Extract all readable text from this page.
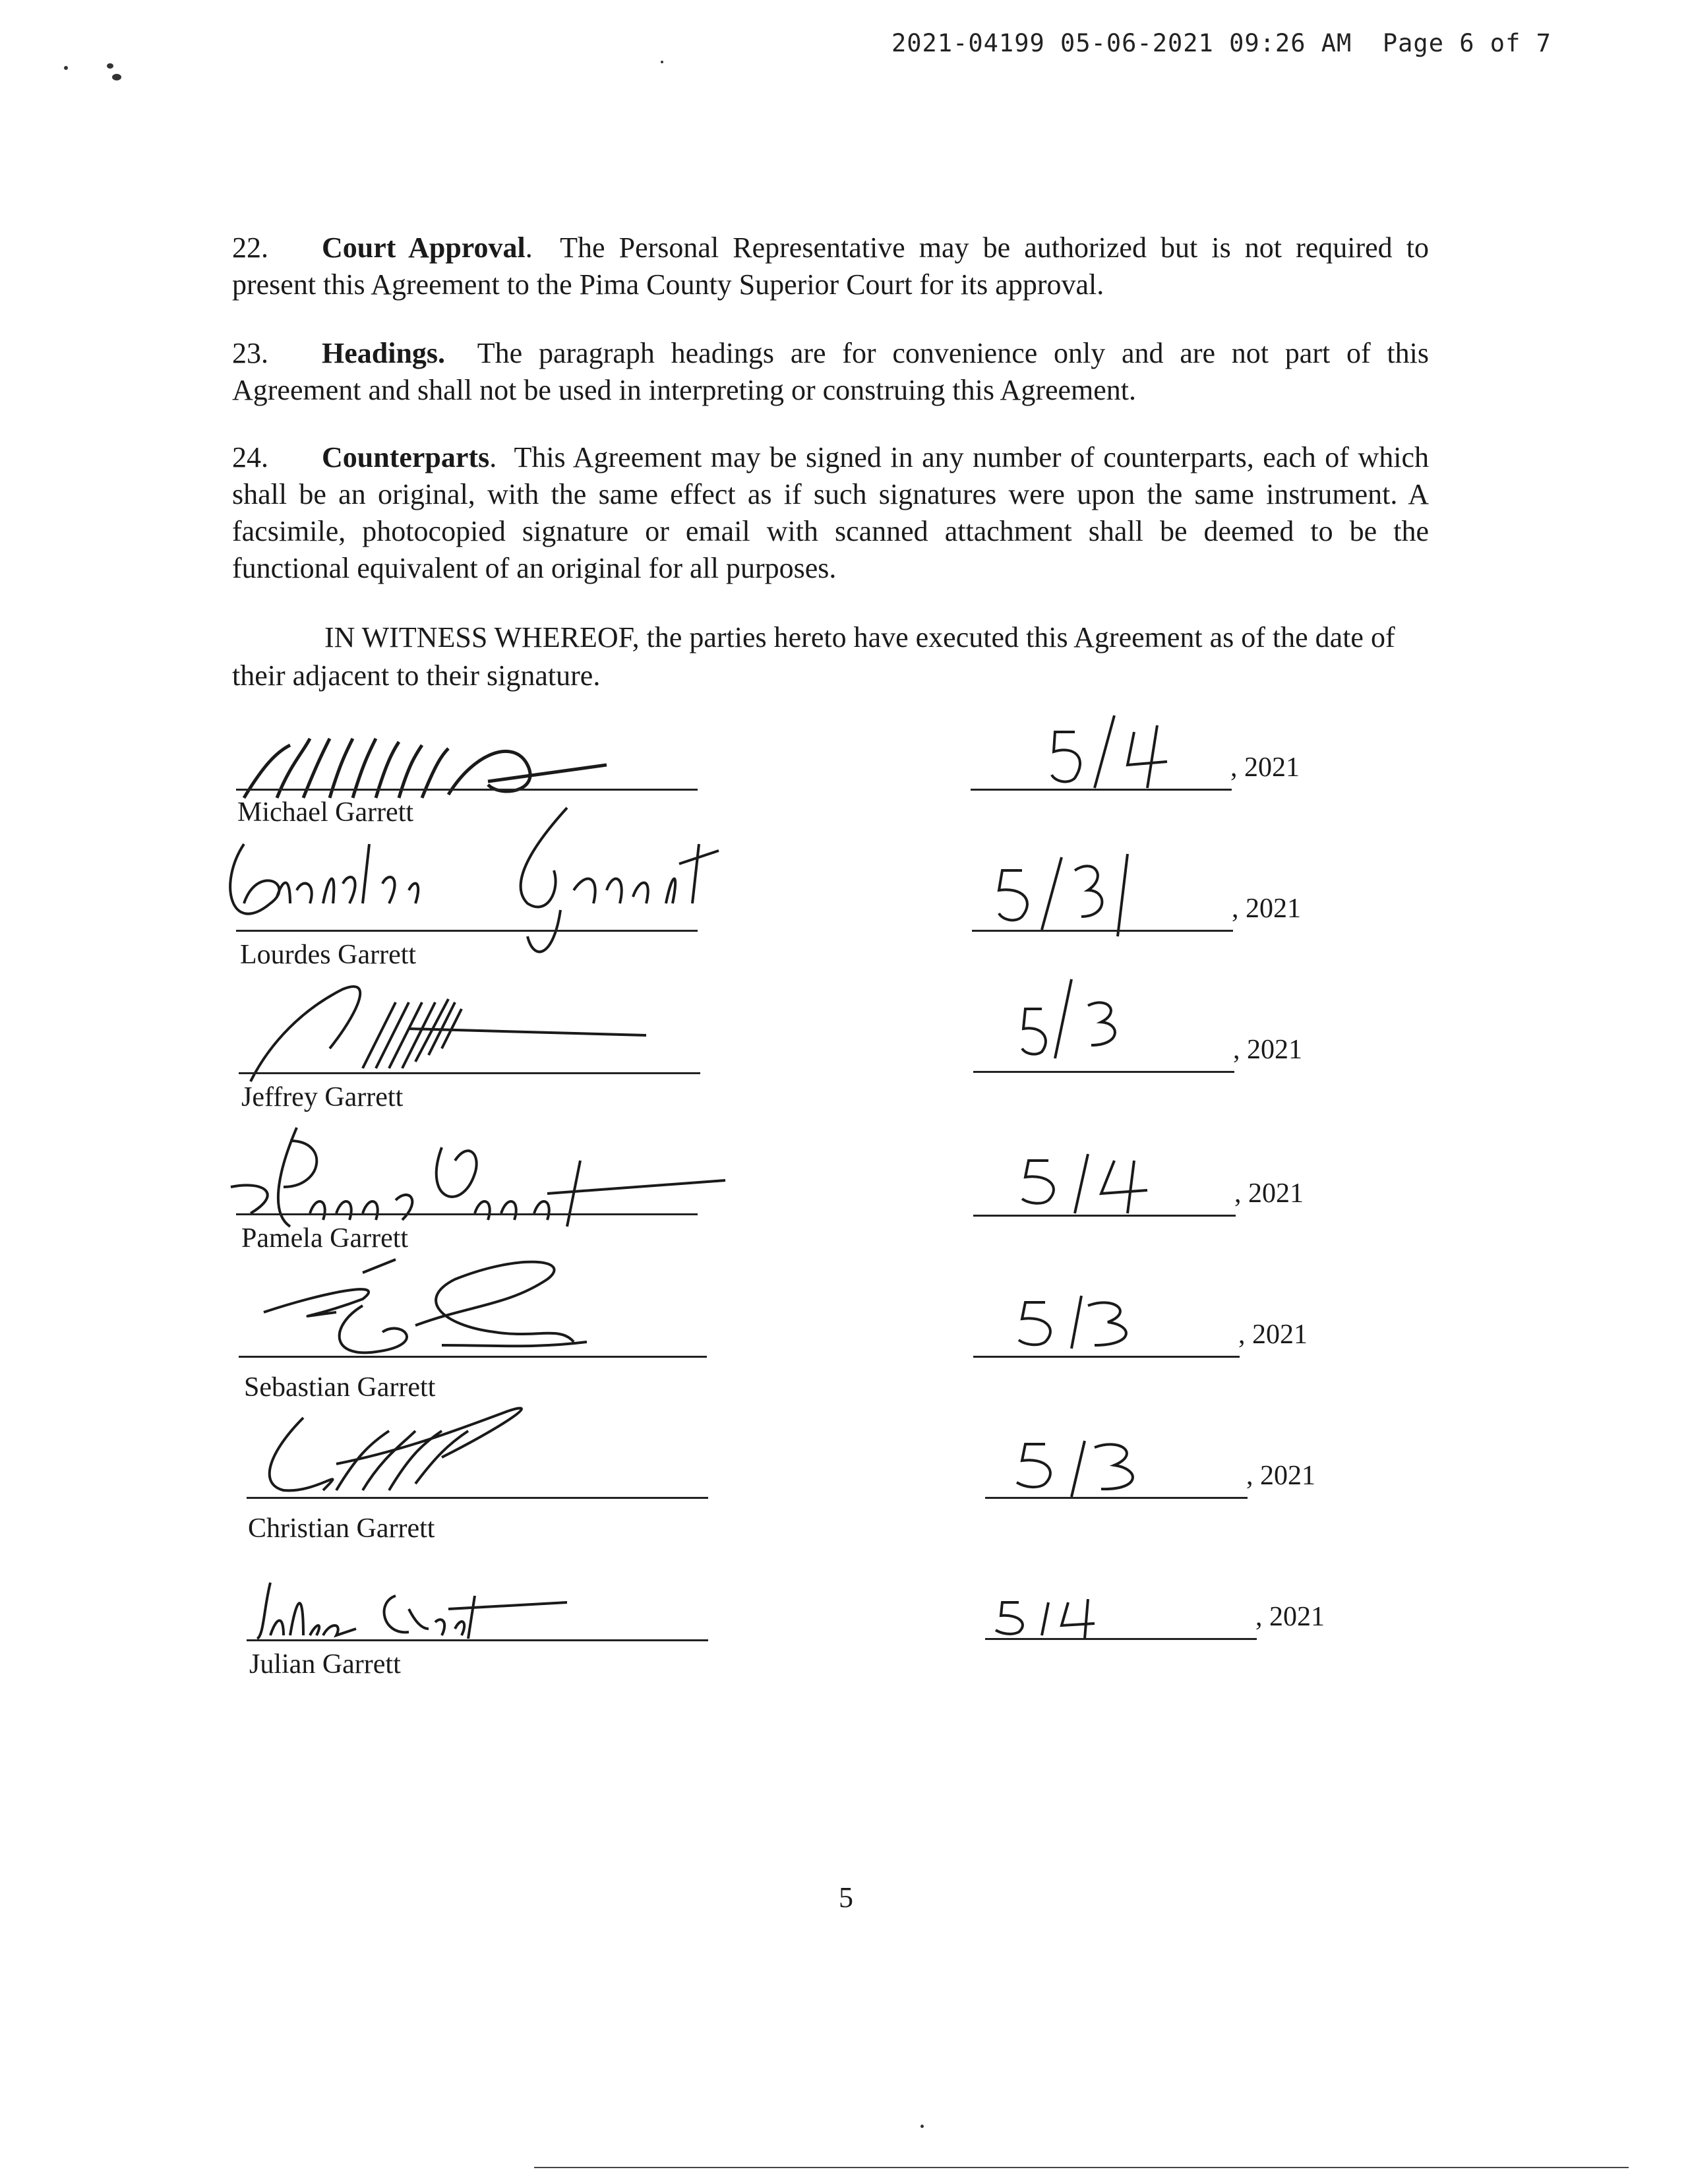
2021-04199 05-06-2021 09:26 AM Page 6 of 7
22. Court Approval. The Personal Representative may be authorized but is not required to present this Agreement to the Pima County Superior Court for its approval.
23. Headings. The paragraph headings are for convenience only and are not part of this Agreement and shall not be used in interpreting or construing this Agreement.
24. Counterparts. This Agreement may be signed in any number of counterparts, each of which shall be an original, with the same effect as if such signatures were upon the same instrument. A facsimile, photocopied signature or email with scanned attachment shall be deemed to be the functional equivalent of an original for all purposes.
IN WITNESS WHEREOF, the parties hereto have executed this Agreement as of the date of their adjacent to their signature.
Michael Garrett
, 2021
Lourdes Garrett
, 2021
Jeffrey Garrett
, 2021
Pamela Garrett
, 2021
Sebastian Garrett
, 2021
Christian Garrett
, 2021
Julian Garrett
, 2021
5
